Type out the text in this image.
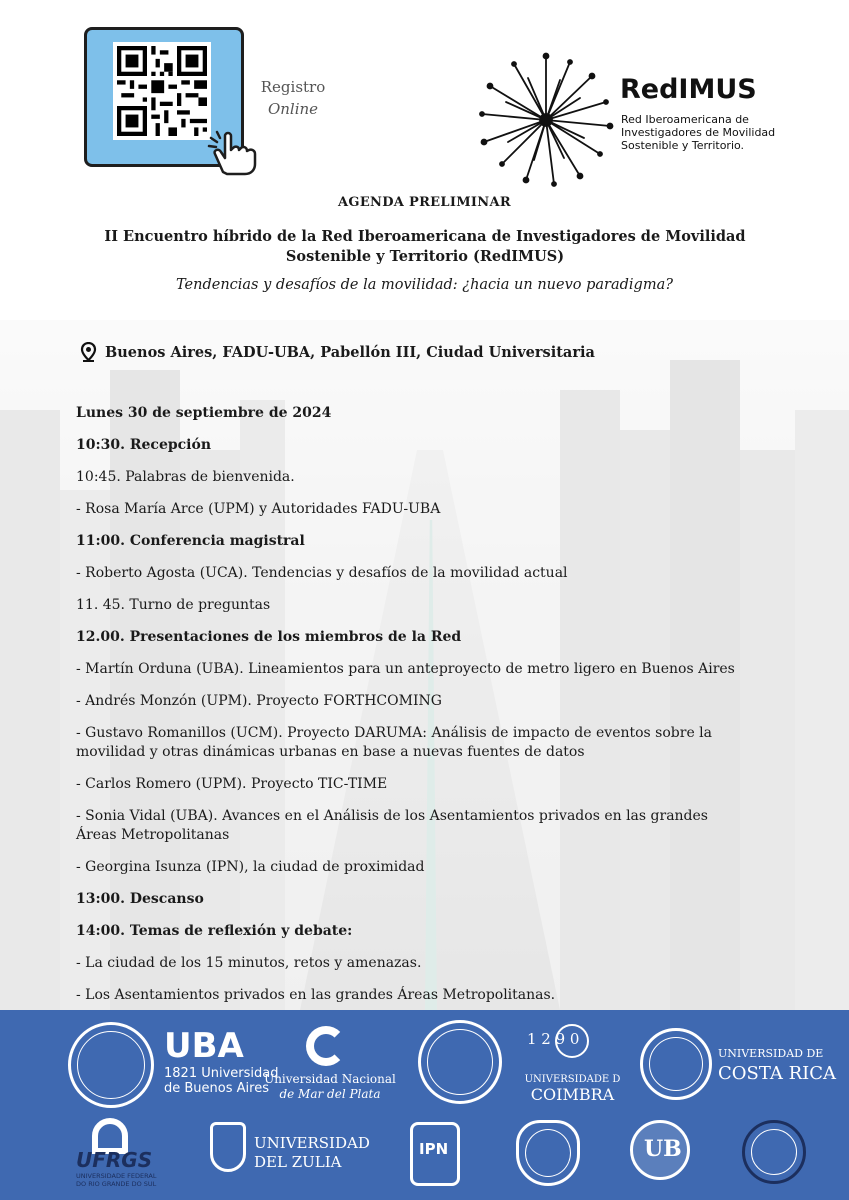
Registro
Online
RedIMUS
Red Iberoamericana de
Investigadores de Movilidad
Sostenible y Territorio.
AGENDA PRELIMINAR
II Encuentro híbrido de la Red Iberoamericana de Investigadores de Movilidad
Sostenible y Territorio (RedIMUS)
Tendencias y desafíos de la movilidad: ¿hacia un nuevo paradigma?
Buenos Aires, FADU-UBA, Pabellón III, Ciudad Universitaria
Lunes 30 de septiembre de 2024
10:30. Recepción
10:45. Palabras de bienvenida.
- Rosa María Arce (UPM) y Autoridades FADU-UBA
11:00. Conferencia magistral
- Roberto Agosta (UCA). Tendencias y desafíos de la movilidad actual
11. 45. Turno de preguntas
12.00. Presentaciones de los miembros de la Red
- Martín Orduna (UBA). Lineamientos para un anteproyecto de metro ligero en Buenos Aires
- Andrés Monzón (UPM). Proyecto FORTHCOMING
- Gustavo Romanillos (UCM). Proyecto DARUMA: Análisis de impacto de eventos sobre la
movilidad y otras dinámicas urbanas en base a nuevas fuentes de datos
- Carlos Romero (UPM). Proyecto TIC-TIME
- Sonia Vidal (UBA). Avances en el Análisis de los Asentamientos privados en las grandes
Áreas Metropolitanas
- Georgina Isunza (IPN), la ciudad de proximidad
13:00. Descanso
14:00. Temas de reflexión y debate:
- La ciudad de los 15 minutos, retos y amenazas.
- Los Asentamientos privados en las grandes Áreas Metropolitanas.
UBA
1821 Universidad
de Buenos Aires
Universidad Nacional
de Mar del Plata
1 2 9 0
UNIVERSIDADE D
COIMBRA
UNIVERSIDAD DE
COSTA RICA
UFRGS
UNIVERSIDADE FEDERAL
DO RIO GRANDE DO SUL
UNIVERSIDAD
DEL ZULIA
IPN	UB
